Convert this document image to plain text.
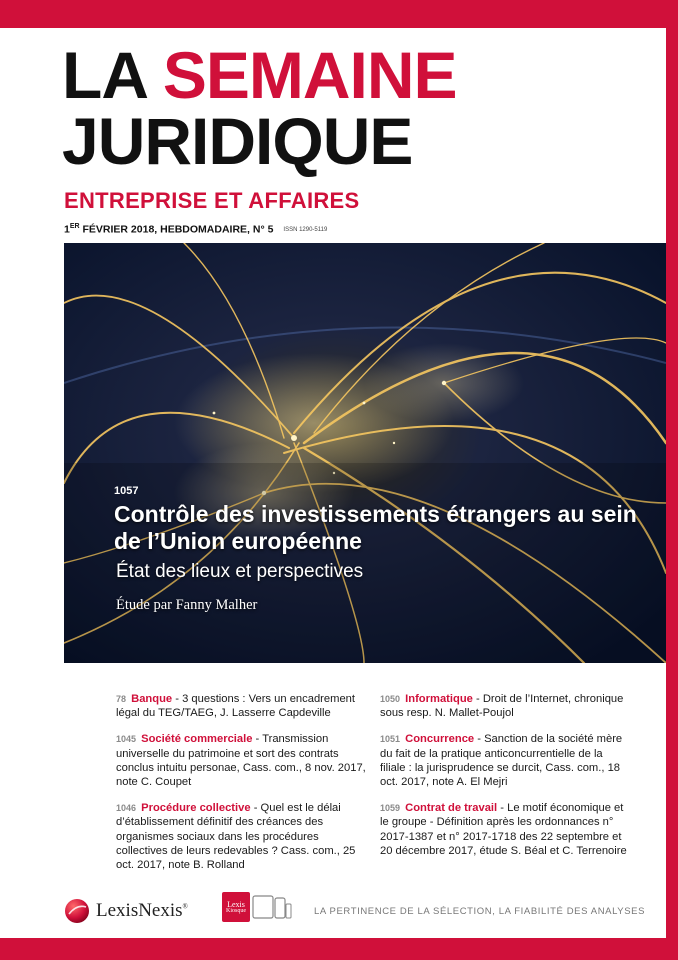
LA SEMAINE
JURIDIQUE
ENTREPRISE ET AFFAIRES
1ER FÉVRIER 2018, HEBDOMADAIRE, N° 5 ISSN 1290-5119
1057
Contrôle des investissements étrangers au sein de l’Union européenne
État des lieux et perspectives
Étude par Fanny Malher
78 Banque - 3 questions : Vers un encadrement légal du TEG/TAEG, J. Lasserre Capdeville
1045 Société commerciale - Transmission universelle du patrimoine et sort des contrats conclus intuitu personae, Cass. com., 8 nov. 2017, note C. Coupet
1046 Procédure collective - Quel est le délai d’établissement définitif des créances des organismes sociaux dans les procédures collectives de leurs redevables ? Cass. com., 25 oct. 2017, note B. Rolland
1050 Informatique - Droit de l’Internet, chronique sous resp. N. Mallet-Poujol
1051 Concurrence - Sanction de la société mère du fait de la pratique anticoncurrentielle de la filiale : la jurisprudence se durcit, Cass. com., 18 oct. 2017, note A. El Mejri
1059 Contrat de travail - Le motif économique et le groupe - Définition après les ordonnances n° 2017-1387 et n° 2017-1718 des 22 septembre et 20 décembre 2017, étude S. Béal et C. Terrenoire
LexisNexis®	Lexis
Kiosque	LA PERTINENCE DE LA SÉLECTION, LA FIABILITÉ DES ANALYSES
